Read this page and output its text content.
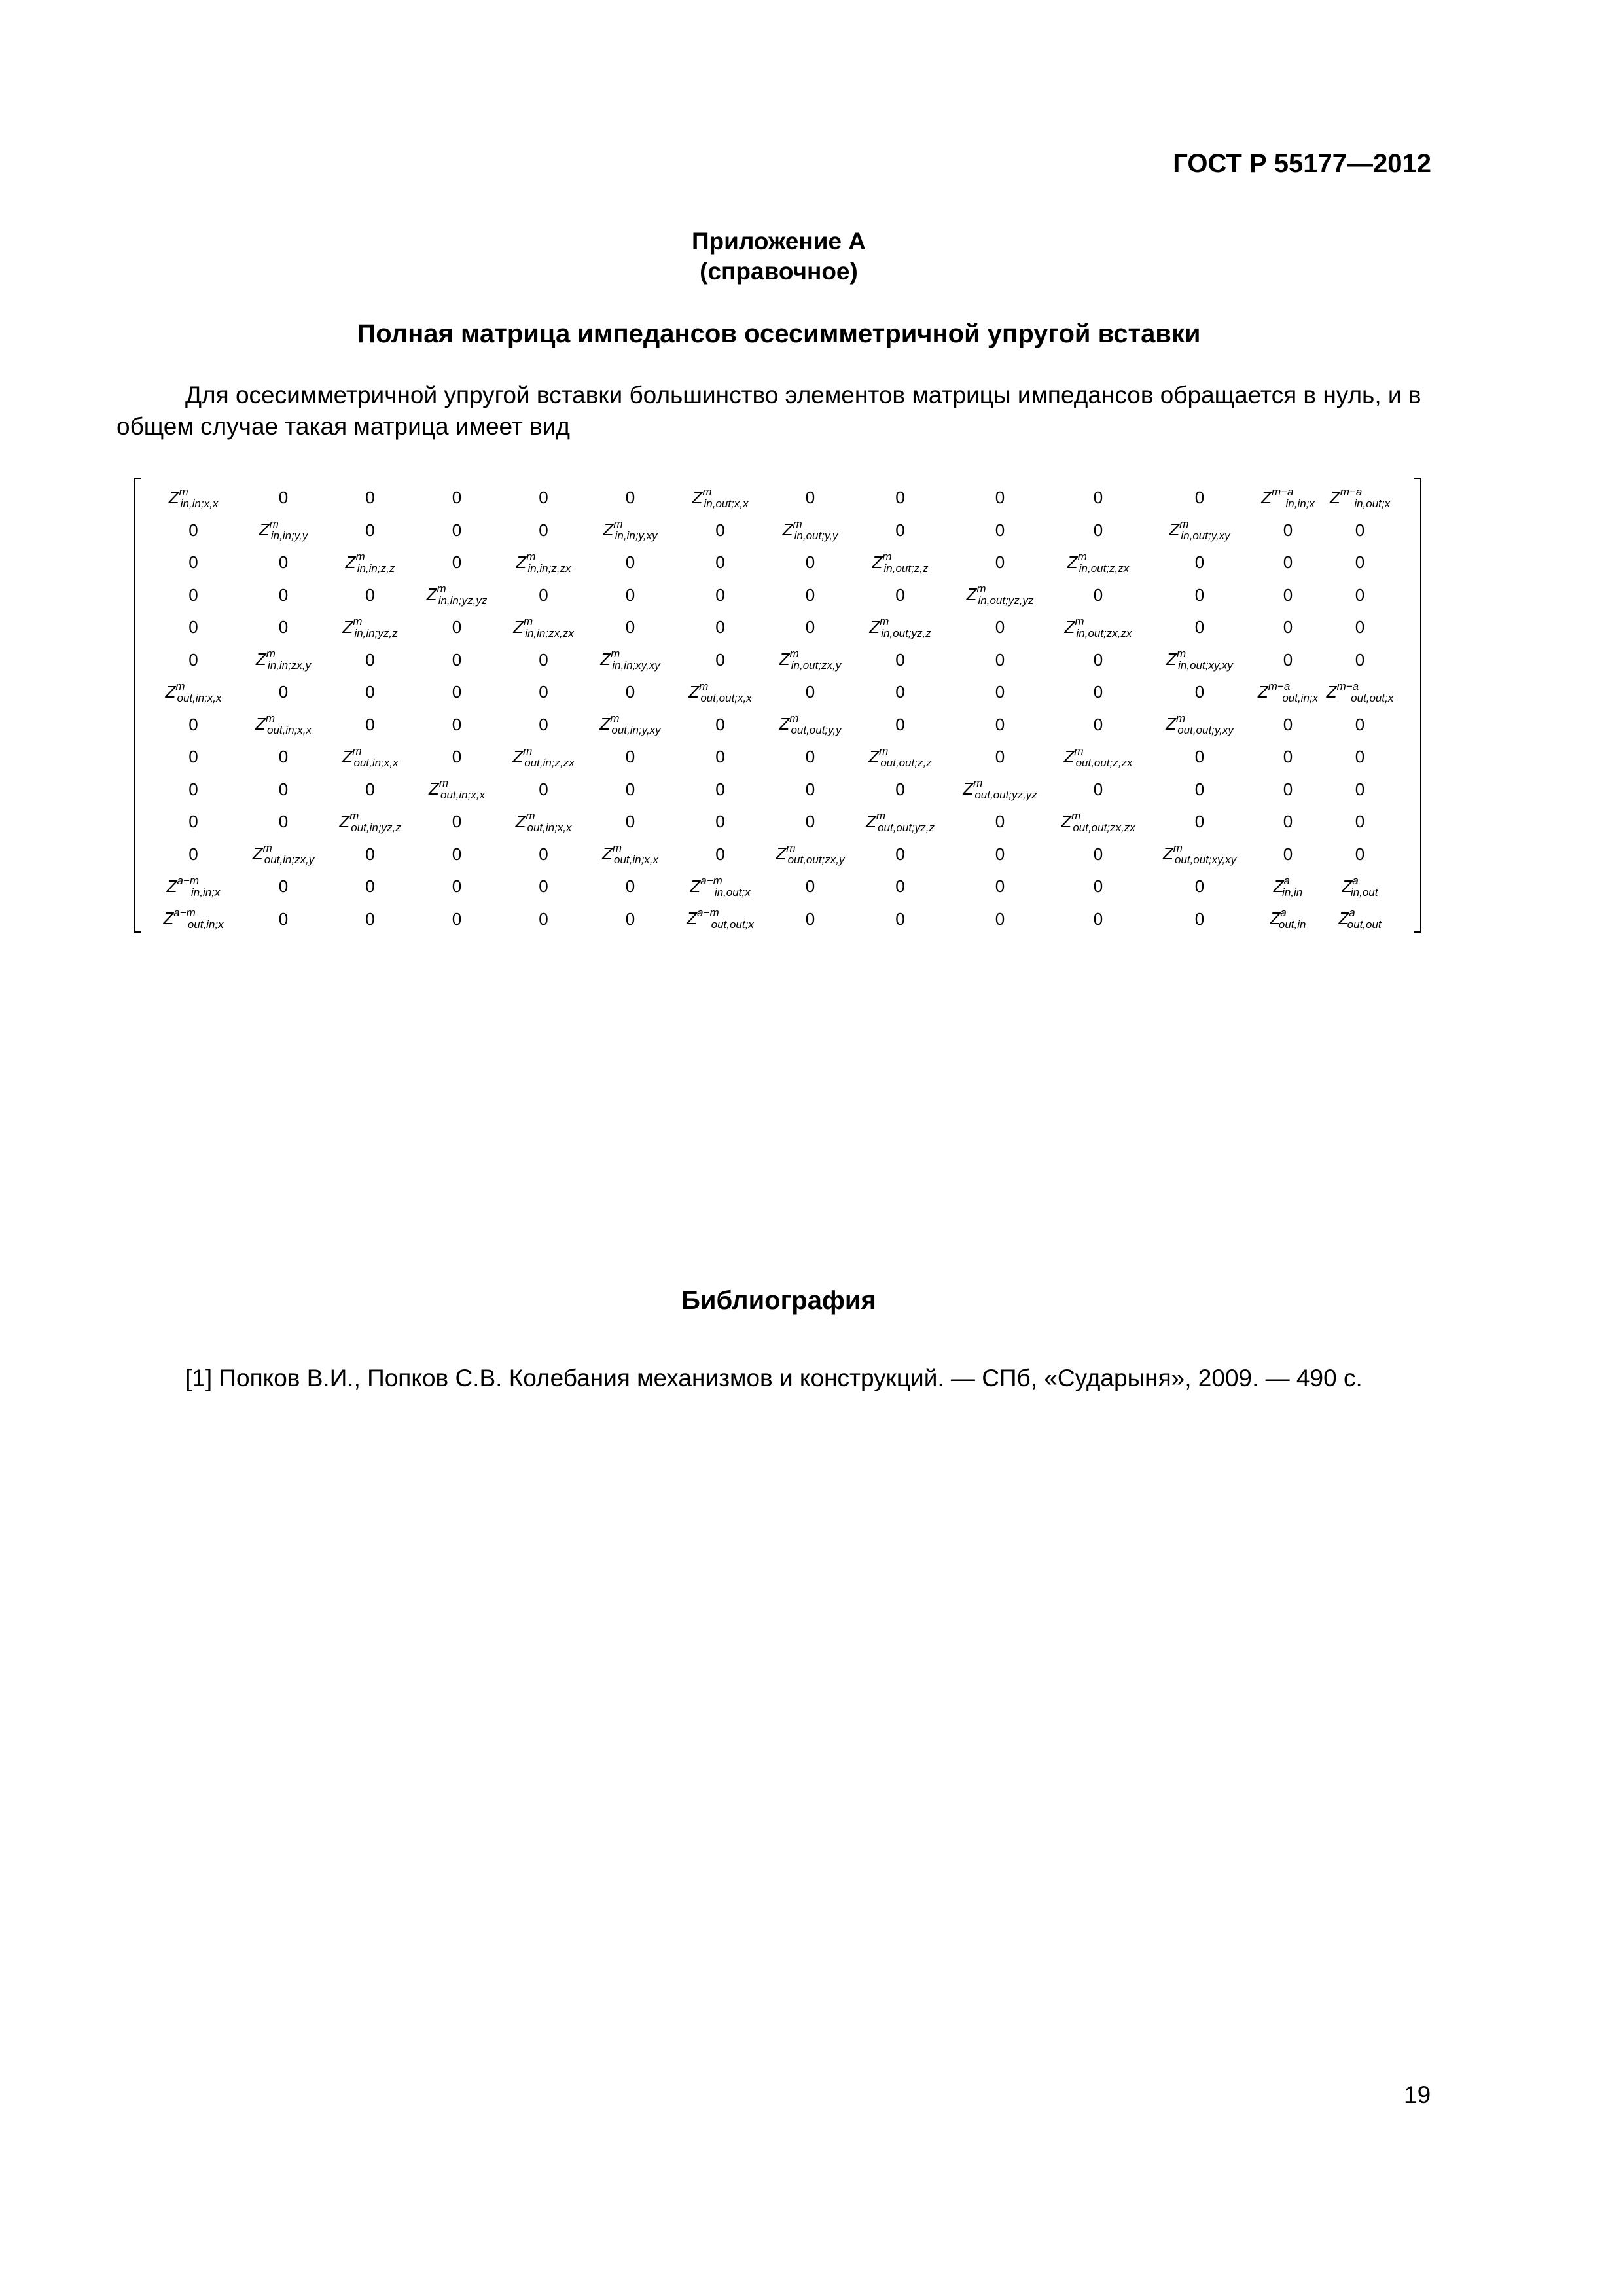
ГОСТ Р 55177—2012
Приложение А
(справочное)
Полная матрица импедансов осесимметричной упругой вставки
Для осесимметричной упругой вставки большинство элементов матрицы импедансов обращается в нуль, и в общем случае такая матрица имеет вид
$Z^m_{in,in;x,x}$	0	0	0	0	0	$Z^m_{in,out;x,x}$	0	0	0	0	0	$Z^{m-a}_{in,in;x}$ $Z^{m-a}_{in,out;x}$
0	$Z^m_{in,in;y,y}$	0	0	0	$Z^m_{in,in;y,xy}$	0	$Z^m_{in,out;y,y}$	0	0	0	$Z^m_{in,out;y,xy}$	0	0
0	0	$Z^m_{in,in;z,z}$	0	$Z^m_{in,in;z,zx}$	0	0	0	$Z^m_{in,out;z,z}$	0	$Z^m_{in,out;z,zx}$	0	0	0
0	0	0	$Z^m_{in,in;yz,yz}$	0	0	0	0	0	$Z^m_{in,out;yz,yz}$	0	0	0	0
0	0	$Z^m_{in,in;yz,z}$	0	$Z^m_{in,in;zx,zx}$	0	0	0	$Z^m_{in,out;yz,z}$	0	$Z^m_{in,out;zx,zx}$	0	0	0
0	$Z^m_{in,in;zx,y}$	0	0	0	$Z^m_{in,in;xy,xy}$	0	$Z^m_{in,out;zx,y}$	0	0	0	$Z^m_{in,out;xy,xy}$	0	0
$Z^m_{out,in;x,x}$	0	0	0	0	0	$Z^m_{out,out;x,x}$	0	0	0	0	0	$Z^{m-a}_{out,in;x}$ $Z^{m-a}_{out,out;x}$
0	$Z^m_{out,in;x,x}$	0	0	0	$Z^m_{out,in;y,xy}$	0	$Z^m_{out,out;y,y}$	0	0	0	$Z^m_{out,out;y,xy}$	0	0
0	0	$Z^m_{out,in;x,x}$	0	$Z^m_{out,in;z,zx}$	0	0	0	$Z^m_{out,out;z,z}$	0	$Z^m_{out,out;z,zx}$	0	0	0
0	0	0	$Z^m_{out,in;x,x}$	0	0	0	0	0	$Z^m_{out,out;yz,yz}$	0	0	0	0
0	0	$Z^m_{out,in;yz,z}$	0	$Z^m_{out,in;x,x}$	0	0	0	$Z^m_{out,out;yz,z}$	0	$Z^m_{out,out;zx,zx}$	0	0	0
0	$Z^m_{out,in;zx,y}$	0	0	0	$Z^m_{out,in;x,x}$	0	$Z^m_{out,out;zx,y}$	0	0	0	$Z^m_{out,out;xy,xy}$	0	0
$Z^{a-m}_{in,in;x}$	0	0	0	0	0	$Z^{a-m}_{in,out;x}$	0	0	0	0	0	$Z^a_{in,in}$ $Z^a_{in,out}$
$Z^{a-m}_{out,in;x}$	0	0	0	0	0	$Z^{a-m}_{out,out;x}$	0	0	0	0	0	$Z^a_{out,in}$ $Z^a_{out,out}$
Библиография
[1] Попков В.И., Попков С.В. Колебания механизмов и конструкций. — СПб, «Сударыня», 2009. — 490 с.
19
